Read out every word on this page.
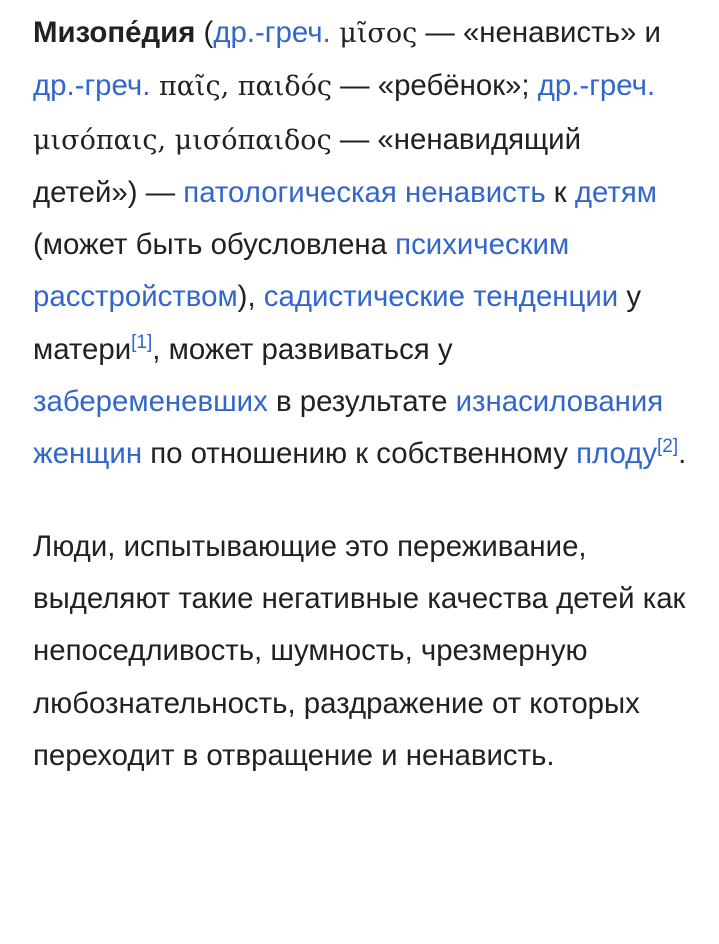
Мизопе́дия (др.-греч. μῖσος — «ненависть» и др.-греч. παῖς, παιδός — «ребёнок»; др.-греч. μισόπαις, μισόπαιδος — «ненавидящий детей») — патологическая ненависть к детям (может быть обусловлена психическим расстройством), садистические тенденции у матери[1], может развиваться у забеременевших в результате изнасилования женщин по отношению к собственному плоду[2].

Люди, испытывающие это переживание, выделяют такие негативные качества детей как непоседливость, шумность, чрезмерную любознательность, раздражение от которых переходит в отвращение и ненависть.
